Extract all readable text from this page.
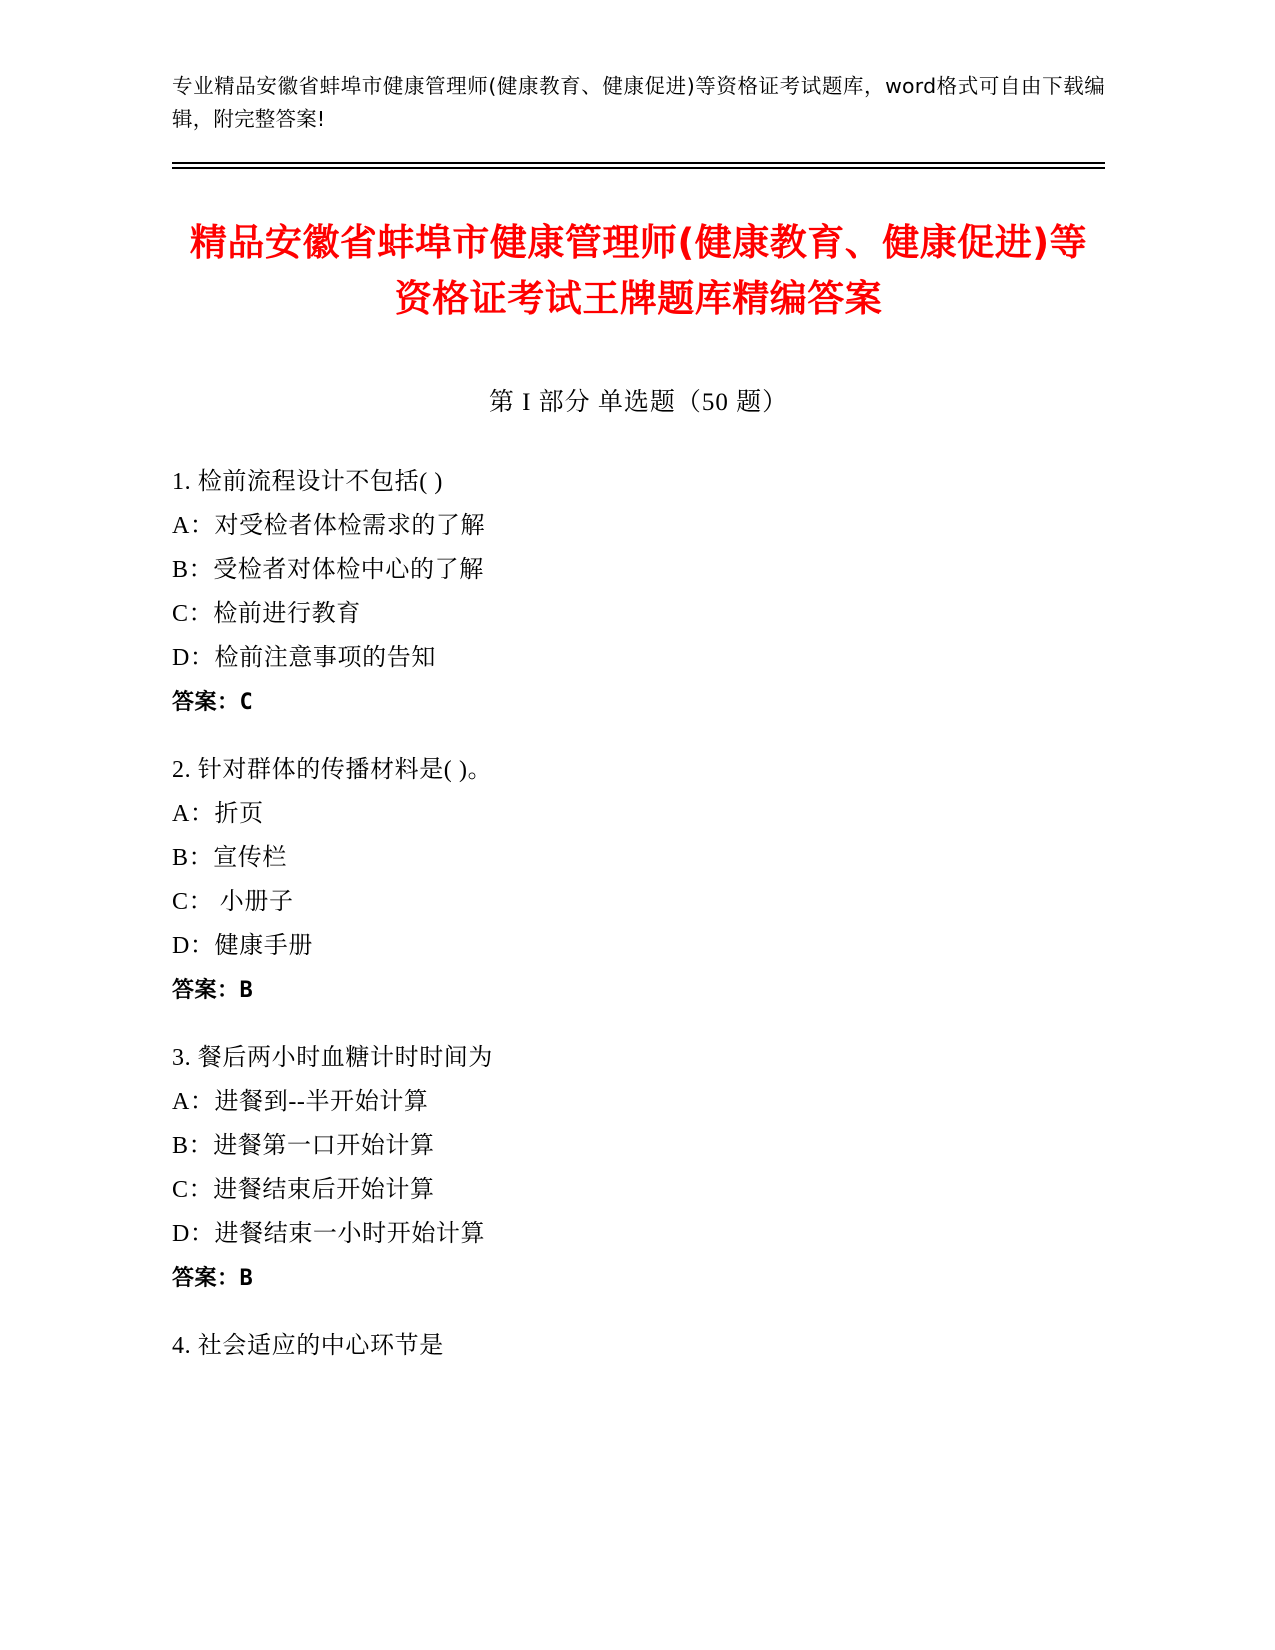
专业精品安徽省蚌埠市健康管理师(健康教育、健康促进)等资格证考试题库，word格式可自由下载编辑，附完整答案!
精品安徽省蚌埠市健康管理师(健康教育、健康促进)等资格证考试王牌题库精编答案
第 I 部分 单选题（50 题）
1. 检前流程设计不包括( )
A：对受检者体检需求的了解
B：受检者对体检中心的了解
C：检前进行教育
D：检前注意事项的告知
答案：C
2. 针对群体的传播材料是( )。
A：折页
B：宣传栏
C： 小册子
D：健康手册
答案：B
3. 餐后两小时血糖计时时间为
A：进餐到--半开始计算
B：进餐第一口开始计算
C：进餐结束后开始计算
D：进餐结束一小时开始计算
答案：B
4. 社会适应的中心环节是
